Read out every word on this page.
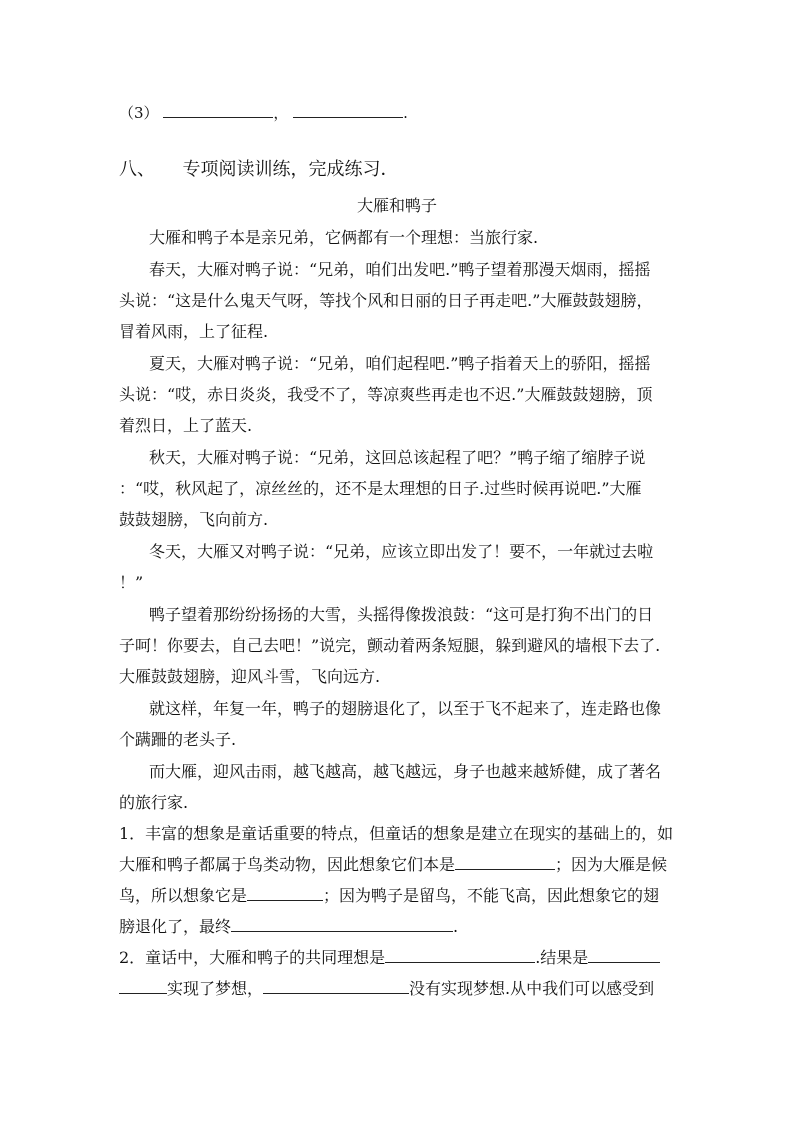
（3）	，	.
八、 专项阅读训练，完成练习．
大雁和鸭子
大雁和鸭子本是亲兄弟，它俩都有一个理想：当旅行家.
春天，大雁对鸭子说：“兄弟，咱们出发吧.”鸭子望着那漫天烟雨，摇摇
头说：“这是什么鬼天气呀，等找个风和日丽的日子再走吧.”大雁鼓鼓翅膀，
冒着风雨，上了征程.
夏天，大雁对鸭子说：“兄弟，咱们起程吧.”鸭子指着天上的骄阳，摇摇
头说：“哎，赤日炎炎，我受不了，等凉爽些再走也不迟.”大雁鼓鼓翅膀，顶
着烈日，上了蓝天.
秋天，大雁对鸭子说：“兄弟，这回总该起程了吧？”鸭子缩了缩脖子说
：“哎，秋风起了，凉丝丝的，还不是太理想的日子.过些时候再说吧.”大雁
鼓鼓翅膀，飞向前方.
冬天，大雁又对鸭子说：“兄弟，应该立即出发了！要不，一年就过去啦
！”
鸭子望着那纷纷扬扬的大雪，头摇得像拨浪鼓：“这可是打狗不出门的日
子呵！你要去，自己去吧！”说完，颤动着两条短腿，躲到避风的墙根下去了.
大雁鼓鼓翅膀，迎风斗雪，飞向远方.
就这样，年复一年，鸭子的翅膀退化了，以至于飞不起来了，连走路也像
个蹒跚的老头子.
而大雁，迎风击雨，越飞越高，越飞越远，身子也越来越矫健，成了著名
的旅行家.
1．丰富的想象是童话重要的特点，但童话的想象是建立在现实的基础上的，如
大雁和鸭子都属于鸟类动物，因此想象它们本是	；因为大雁是候
鸟，所以想象它是	；因为鸭子是留鸟，不能飞高，因此想象它的翅
膀退化了，最终	.
2．童话中，大雁和鸭子的共同理想是	.结果是
实现了梦想，	没有实现梦想.从中我们可以感受到
